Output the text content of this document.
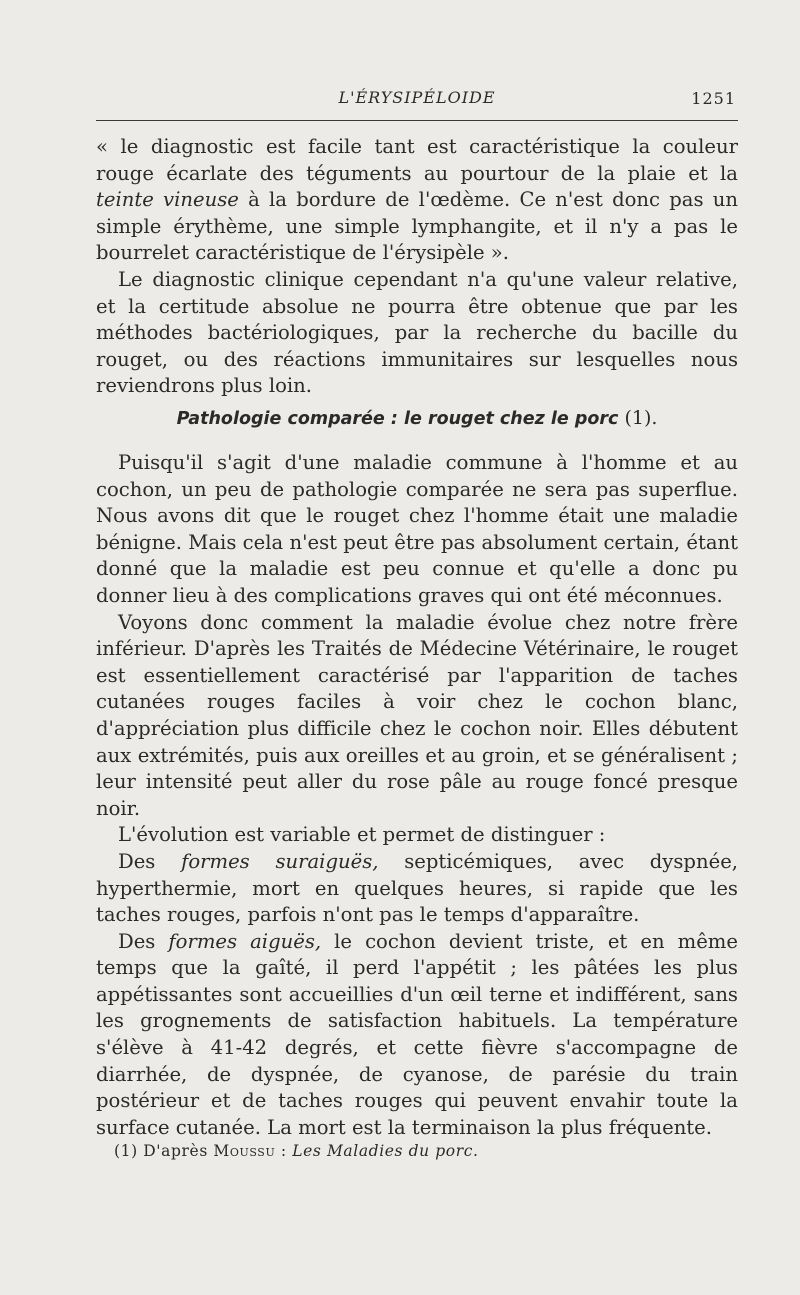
L'ÉRYSIPÉLOIDE	1251

« le diagnostic est facile tant est caractéristique la couleur rouge écarlate des téguments au pourtour de la plaie et la teinte vineuse à la bordure de l'œdème. Ce n'est donc pas un simple érythème, une simple lymphangite, et il n'y a pas le bourrelet caractéristique de l'érysipèle ».

Le diagnostic clinique cependant n'a qu'une valeur relative, et la certitude absolue ne pourra être obtenue que par les méthodes bactériologiques, par la recherche du bacille du rouget, ou des réactions immunitaires sur lesquelles nous reviendrons plus loin.

Pathologie comparée : le rouget chez le porc (1).

Puisqu'il s'agit d'une maladie commune à l'homme et au cochon, un peu de pathologie comparée ne sera pas superflue. Nous avons dit que le rouget chez l'homme était une maladie bénigne. Mais cela n'est peut être pas absolument certain, étant donné que la maladie est peu connue et qu'elle a donc pu donner lieu à des complications graves qui ont été méconnues.

Voyons donc comment la maladie évolue chez notre frère inférieur. D'après les Traités de Médecine Vétérinaire, le rouget est essentiellement caractérisé par l'apparition de taches cutanées rouges faciles à voir chez le cochon blanc, d'appréciation plus difficile chez le cochon noir. Elles débutent aux extrémités, puis aux oreilles et au groin, et se généralisent ; leur intensité peut aller du rose pâle au rouge foncé presque noir.

L'évolution est variable et permet de distinguer :

Des formes suraiguës, septicémiques, avec dyspnée, hyperthermie, mort en quelques heures, si rapide que les taches rouges, parfois n'ont pas le temps d'apparaître.

Des formes aiguës, le cochon devient triste, et en même temps que la gaîté, il perd l'appétit ; les pâtées les plus appétissantes sont accueillies d'un œil terne et indifférent, sans les grognements de satisfaction habituels. La température s'élève à 41-42 degrés, et cette fièvre s'accompagne de diarrhée, de dyspnée, de cyanose, de parésie du train postérieur et de taches rouges qui peuvent envahir toute la surface cutanée. La mort est la terminaison la plus fréquente.

(1) D'après Moussu : Les Maladies du porc.
